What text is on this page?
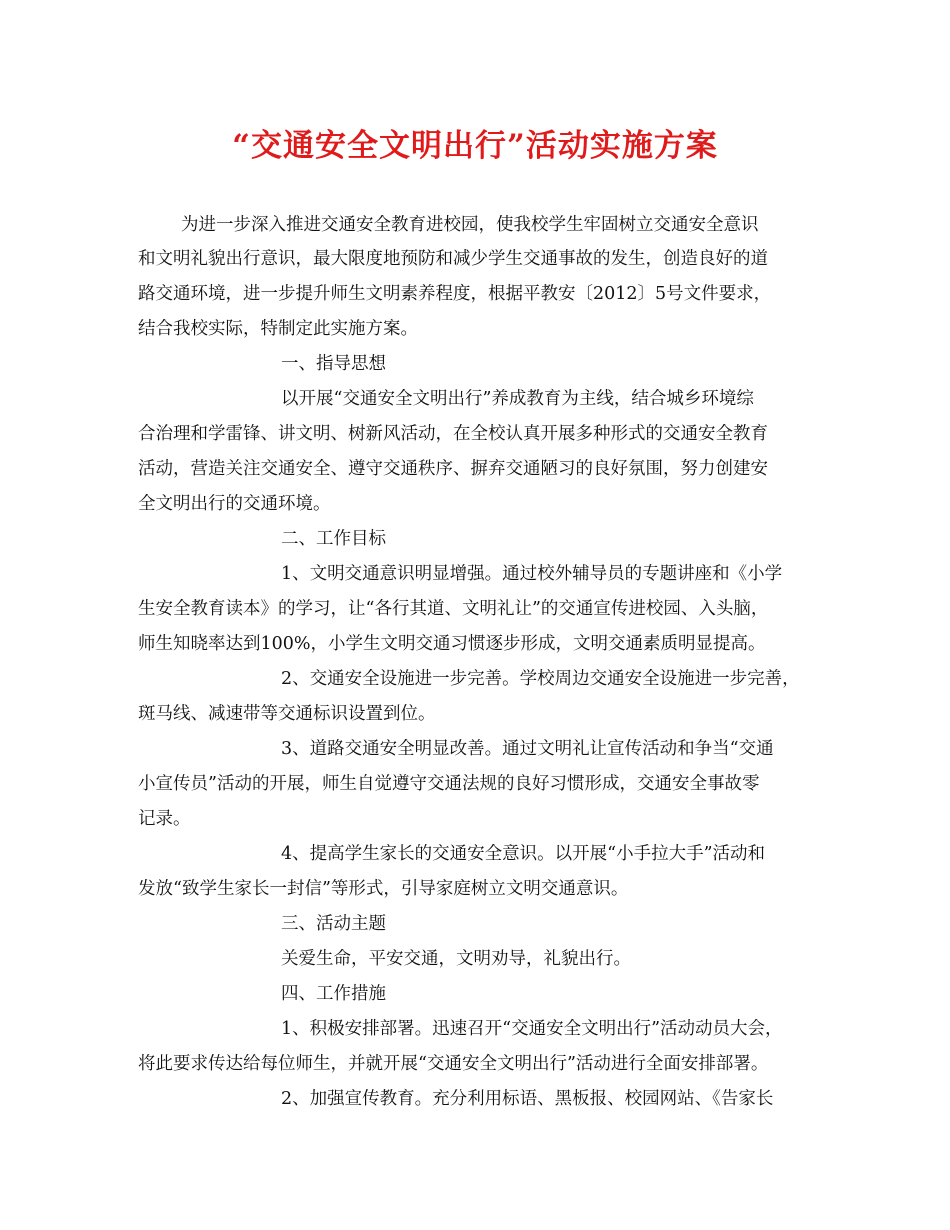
“交通安全文明出行”活动实施方案
为进一步深入推进交通安全教育进校园，使我校学生牢固树立交通安全意识
和文明礼貌出行意识，最大限度地预防和减少学生交通事故的发生，创造良好的道
路交通环境，进一步提升师生文明素养程度，根据平教安〔2012〕5号文件要求，
结合我校实际，特制定此实施方案。
一、指导思想
以开展“交通安全文明出行”养成教育为主线，结合城乡环境综
合治理和学雷锋、讲文明、树新风活动，在全校认真开展多种形式的交通安全教育
活动，营造关注交通安全、遵守交通秩序、摒弃交通陋习的良好氛围，努力创建安
全文明出行的交通环境。
二、工作目标
1、文明交通意识明显增强。通过校外辅导员的专题讲座和《小学
生安全教育读本》的学习，让“各行其道、文明礼让”的交通宣传进校园、入头脑，
师生知晓率达到100%，小学生文明交通习惯逐步形成，文明交通素质明显提高。
2、交通安全设施进一步完善。学校周边交通安全设施进一步完善，
斑马线、减速带等交通标识设置到位。
3、道路交通安全明显改善。通过文明礼让宣传活动和争当“交通
小宣传员”活动的开展，师生自觉遵守交通法规的良好习惯形成，交通安全事故零
记录。
4、提高学生家长的交通安全意识。以开展“小手拉大手”活动和
发放“致学生家长一封信”等形式，引导家庭树立文明交通意识。
三、活动主题
关爱生命，平安交通，文明劝导，礼貌出行。
四、工作措施
1、积极安排部署。迅速召开“交通安全文明出行”活动动员大会，
将此要求传达给每位师生，并就开展“交通安全文明出行”活动进行全面安排部署。
2、加强宣传教育。充分利用标语、黑板报、校园网站、《告家长
